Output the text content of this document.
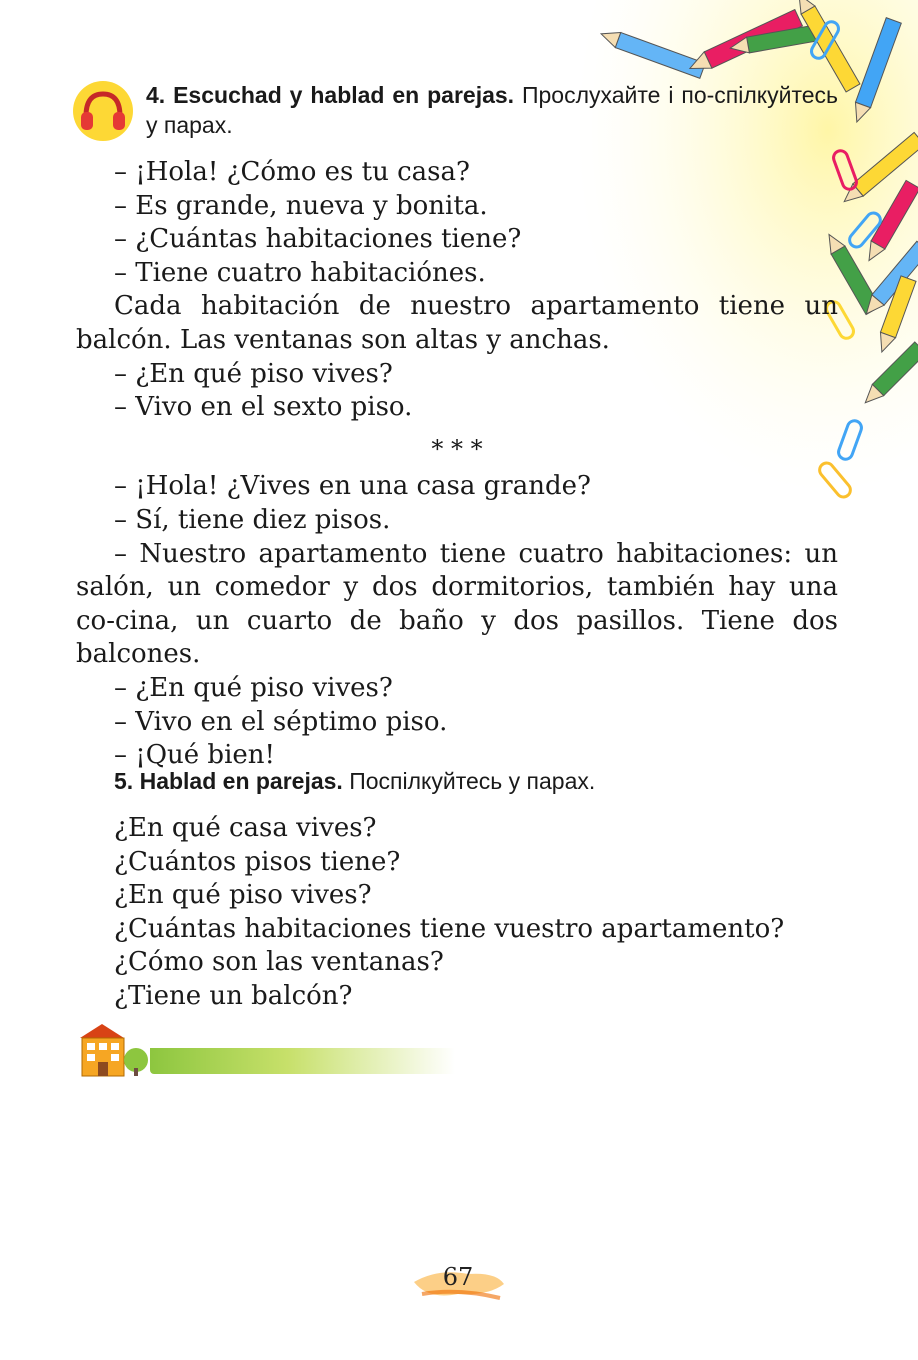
4. Escuchad y hablad en parejas. Прослухайте і по-спілкуйтесь у парах.
– ¡Hola! ¿Cómo es tu casa?
– Es grande, nueva y bonita.
– ¿Cuántas habitaciones tiene?
– Tiene cuatro habitaciónes.
Cada habitación de nuestro apartamento tiene un balcón. Las ventanas son altas y anchas.
– ¿En qué piso vives?
– Vivo en el sexto piso.
* * *
– ¡Hola! ¿Vives en una casa grande?
– Sí, tiene diez pisos.
– Nuestro apartamento tiene cuatro habitaciones: un salón, un comedor y dos dormitorios, también hay una co-cina, un cuarto de baño y dos pasillos. Tiene dos balcones.
– ¿En qué piso vives?
– Vivo en el séptimo piso.
– ¡Qué bien!
5. Hablad en parejas. Поспілкуйтесь у парах.
¿En qué casa vives?
¿Cuántos pisos tiene?
¿En qué piso vives?
¿Cuántas habitaciones tiene vuestro apartamento?
¿Cómo son las ventanas?
¿Tiene un balcón?
67
